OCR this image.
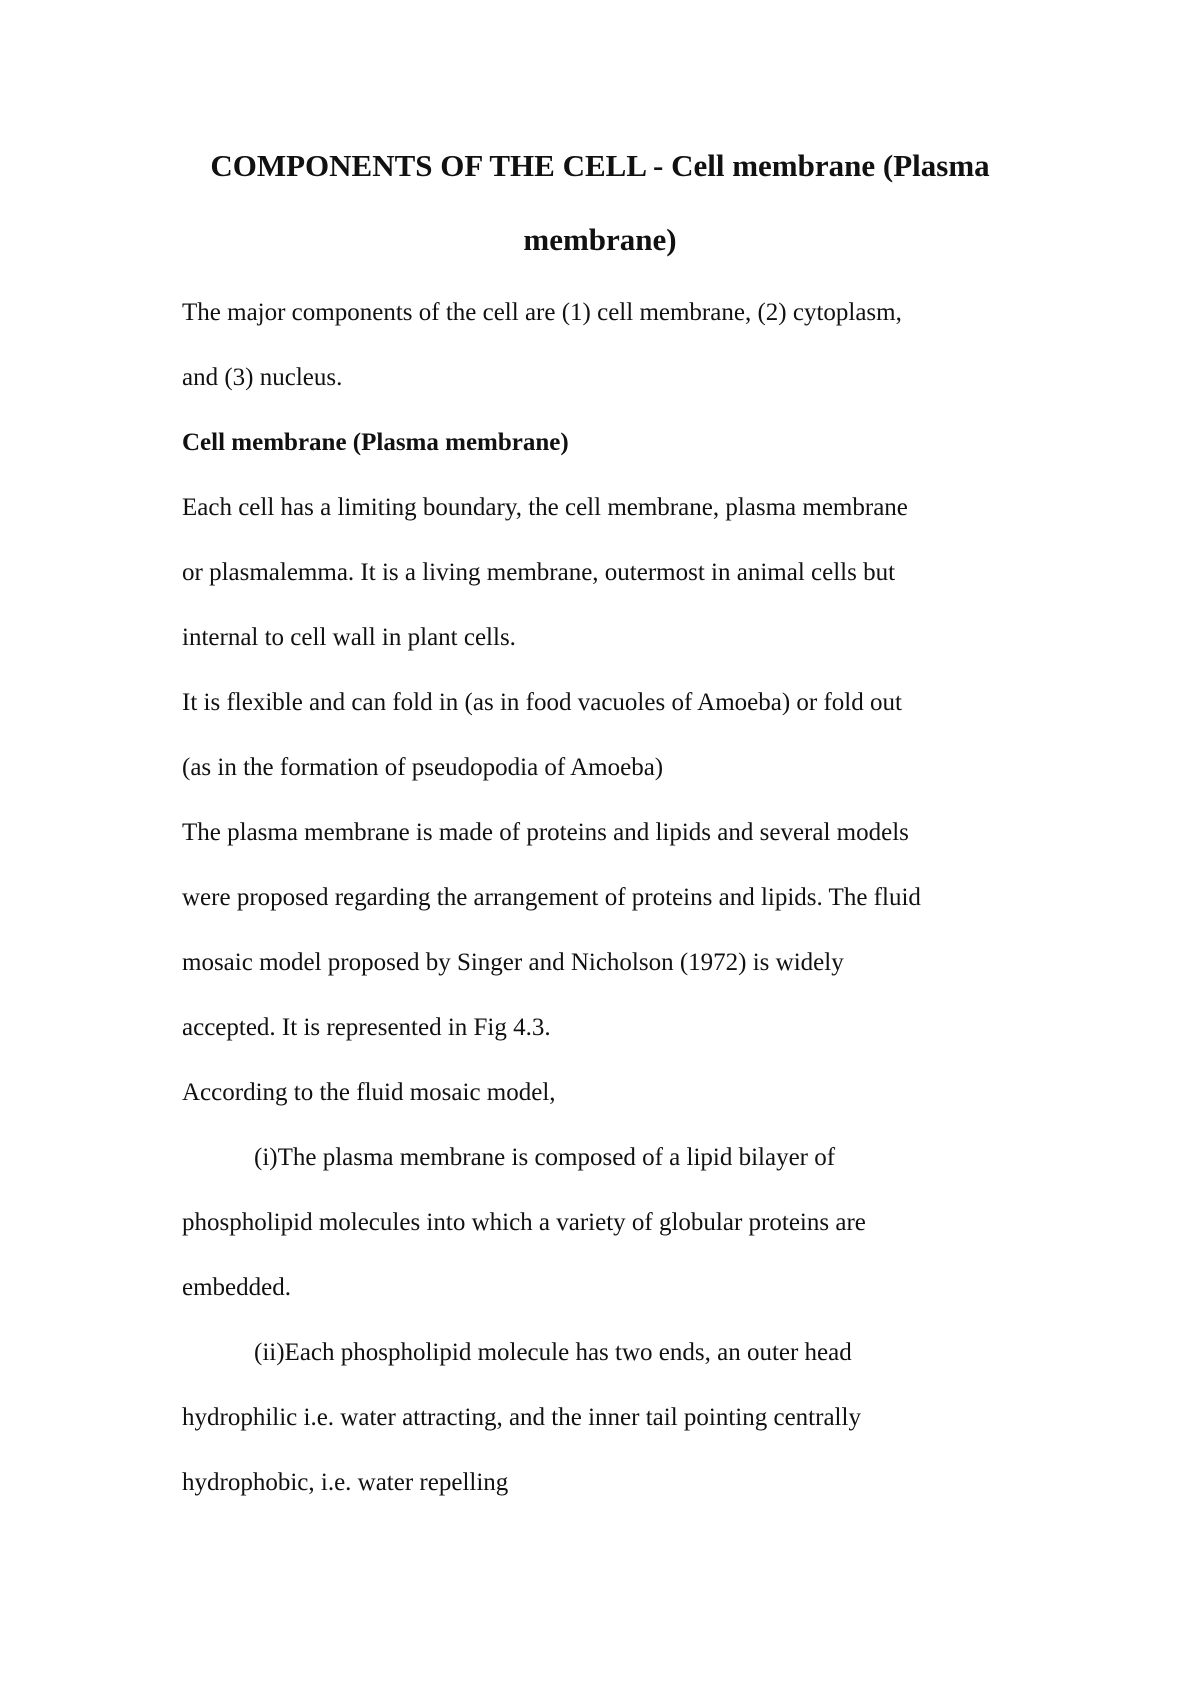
COMPONENTS OF THE CELL - Cell membrane (Plasma
membrane)
The major components of the cell are (1) cell membrane, (2) cytoplasm,
and (3) nucleus.
Cell membrane (Plasma membrane)
Each cell has a limiting boundary, the cell membrane, plasma membrane
or plasmalemma. It is a living membrane, outermost in animal cells but
internal to cell wall in plant cells.
It is flexible and can fold in (as in food vacuoles of Amoeba) or fold out
(as in the formation of pseudopodia of Amoeba)
The plasma membrane is made of proteins and lipids and several models
were proposed regarding the arrangement of proteins and lipids. The fluid
mosaic model proposed by Singer and Nicholson (1972) is widely
accepted. It is represented in Fig 4.3.
According to the fluid mosaic model,
(i)The plasma membrane is composed of a lipid bilayer of
phospholipid molecules into which a variety of globular proteins are
embedded.
(ii)Each phospholipid molecule has two ends, an outer head
hydrophilic i.e. water attracting, and the inner tail pointing centrally
hydrophobic, i.e. water repelling
